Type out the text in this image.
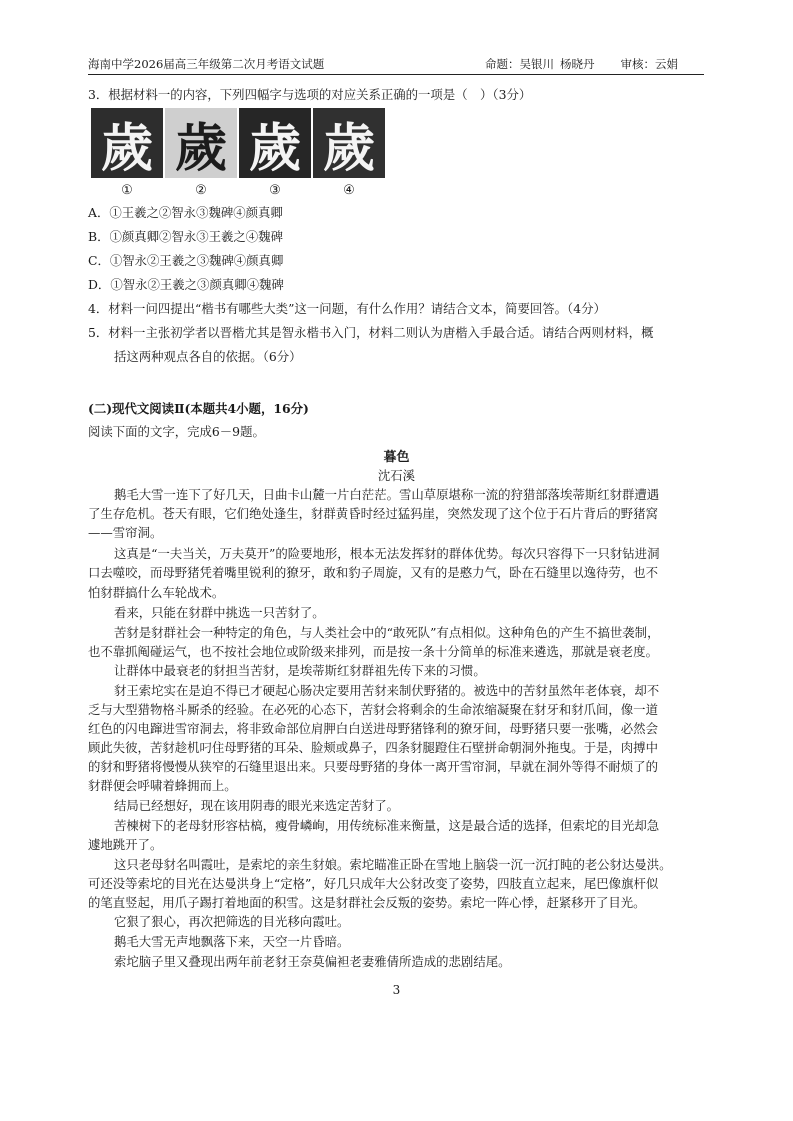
海南中学2026届高三年级第二次月考语文试题	命题：吴银川 杨晓丹 审核：云娟
3．根据材料一的内容，下列四幅字与选项的对应关系正确的一项是（　）（3分）
歲 歲 歲 歲
①	②	③	④
A．①王羲之②智永③魏碑④颜真卿
B．①颜真卿②智永③王羲之④魏碑
C．①智永②王羲之③魏碑④颜真卿
D．①智永②王羲之③颜真卿④魏碑
4．材料一问四提出“楷书有哪些大类”这一问题，有什么作用？请结合文本，简要回答。（4分）
5．材料一主张初学者以晋楷尤其是智永楷书入门，材料二则认为唐楷入手最合适。请结合两则材料，概
括这两种观点各自的依据。（6分）
(二)现代文阅读Ⅱ(本题共4小题，16分)
阅读下面的文字，完成6－9题。
暮色
沈石溪
鹅毛大雪一连下了好几天，日曲卡山麓一片白茫茫。雪山草原堪称一流的狩猎部落埃蒂斯红豺群遭遇
了生存危机。苍天有眼，它们绝处逢生，豺群黄昏时经过猛犸崖，突然发现了这个位于石片背后的野猪窝
——雪帘洞。
这真是“一夫当关，万夫莫开”的险要地形，根本无法发挥豺的群体优势。每次只容得下一只豺钻进洞
口去噬咬，而母野猪凭着嘴里锐利的獠牙，敢和豹子周旋，又有的是憨力气，卧在石缝里以逸待劳，也不
怕豺群搞什么车轮战术。
看来，只能在豺群中挑选一只苦豺了。
苦豺是豺群社会一种特定的角色，与人类社会中的“敢死队”有点相似。这种角色的产生不搞世袭制，
也不靠抓阄碰运气，也不按社会地位或阶级来排列，而是按一条十分简单的标准来遴选，那就是衰老度。
让群体中最衰老的豺担当苦豺，是埃蒂斯红豺群祖先传下来的习惯。
豺王索坨实在是迫不得已才硬起心肠决定要用苦豺来制伏野猪的。被选中的苦豺虽然年老体衰，却不
乏与大型猎物格斗厮杀的经验。在必死的心态下，苦豺会将剩余的生命浓缩凝聚在豺牙和豺爪间，像一道
红色的闪电蹿进雪帘洞去，将非致命部位肩胛白白送进母野猪锋利的獠牙间，母野猪只要一张嘴，必然会
顾此失彼，苦豺趁机叼住母野猪的耳朵、脸颊或鼻子，四条豺腿蹬住石壁拼命朝洞外拖曳。于是，肉搏中
的豺和野猪将慢慢从狭窄的石缝里退出来。只要母野猪的身体一离开雪帘洞，早就在洞外等得不耐烦了的
豺群便会呼啸着蜂拥而上。
结局已经想好，现在该用阴毒的眼光来选定苦豺了。
苦楝树下的老母豺形容枯槁，瘦骨嶙峋，用传统标准来衡量，这是最合适的选择，但索坨的目光却急
遽地跳开了。
这只老母豺名叫霞吐，是索坨的亲生豺娘。索坨瞄准正卧在雪地上脑袋一沉一沉打盹的老公豺达曼洪。
可还没等索坨的目光在达曼洪身上“定格”，好几只成年大公豺改变了姿势，四肢直立起来，尾巴像旗杆似
的笔直竖起，用爪子踢打着地面的积雪。这是豺群社会反叛的姿势。索坨一阵心悸，赶紧移开了目光。
它狠了狠心，再次把筛选的目光移向霞吐。
鹅毛大雪无声地飘落下来，天空一片昏暗。
索坨脑子里又叠现出两年前老豺王奈莫偏袒老妻雅倩所造成的悲剧结尾。
3
